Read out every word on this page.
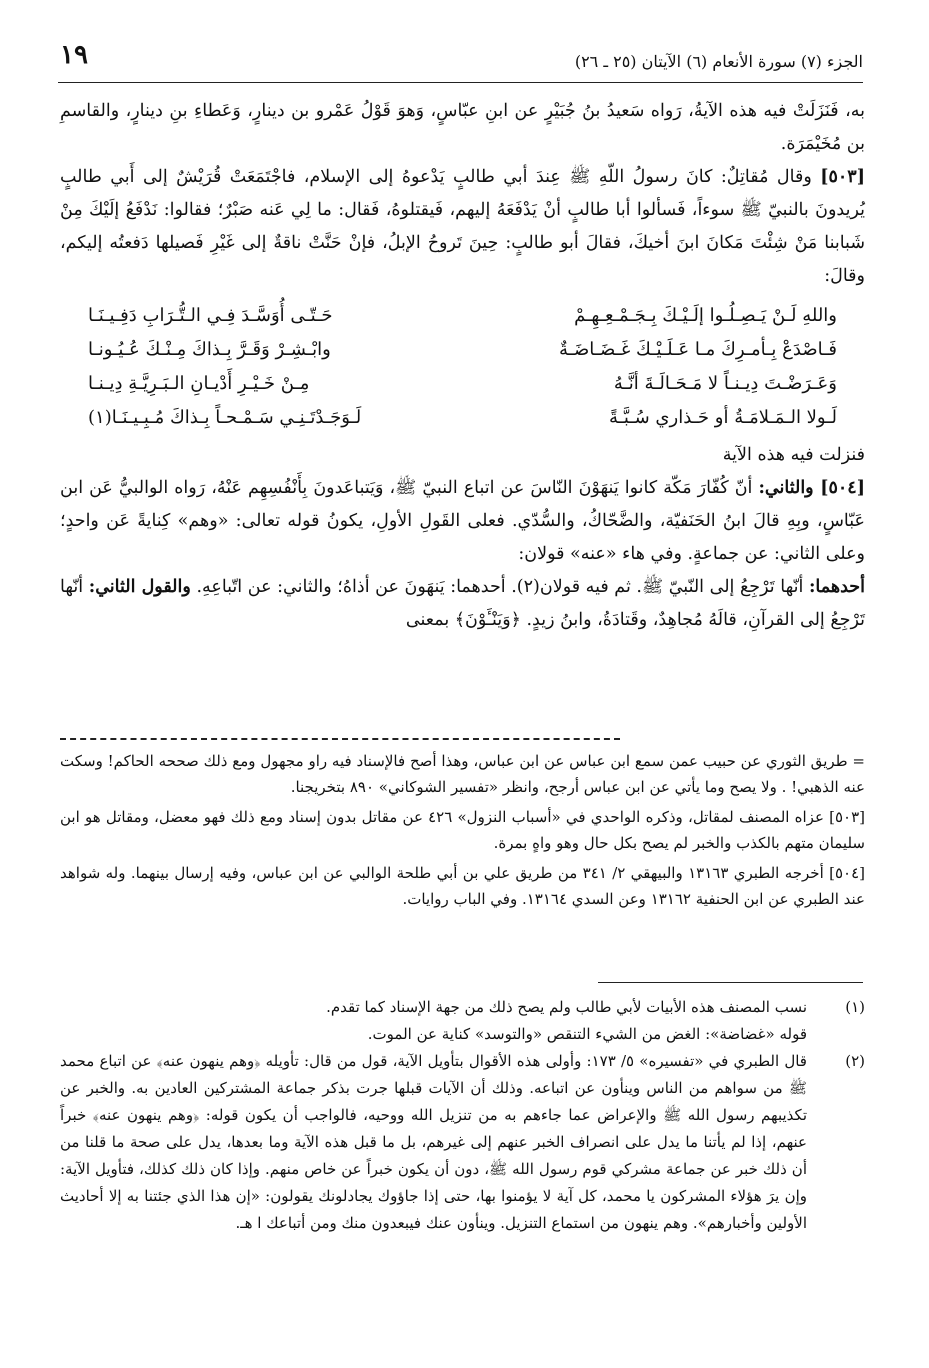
الجزء (٧) سورة الأنعام (٦) الآيتان (٢٥ ـ ٢٦)
١٩

به، فَنَزَلَتْ فيه هذه الآيةُ، رَواه سَعيدُ بنُ جُبَيْرٍ عن ابنِ عبّاسٍ، وَهوَ قَوْلُ عَمْرو بن دينارٍ، وَعَطاءِ بنِ دينارٍ، والقاسمِ بن مُخَيْمَرَة.

[٥٠٣] وقال مُقاتِلٌ: كانَ رسولُ اللّهِ ﷺ عِندَ أبي طالبٍ يَدْعوهُ إلى الإسلام، فاجْتَمَعَتْ قُرَيْشٌ إلى أَبي طالبٍ يُريدونَ بالنبيّ ﷺ سوءاً، فَسألوا أبا طالبٍ أنْ يَدْفَعَهُ إليهم، فَيقتلوهُ، فَقال: ما لِي عَنه صَبْرٌ؛ فقالوا: نَدْفَعُ إلَيْكَ مِنْ شَبابنا مَنْ شِئْتَ مَكانَ ابنَ أخيكَ، فقالَ أبو طالبٍ: حِينَ تَروحُ الإبلُ، فإنْ حَنَّتْ ناقةٌ إلى غَيْرِ فَصيلها دَفعتُه إليكم، وقالَ:

واللهِ لَـنْ يَـصِـلُـوا إلَـيْـكَ بِـجَـمْـعِـهِـمْ
حَـتّـى أُوَسَّـدَ فِـي الـتُّـرَابِ دَفِـيـنَـا
فَـاصْدَعْ بِـأمـرِكَ مـا عَـلَـيْـكَ غَـضَـاضَـةٌ
وابْـشِـرْ وَقَـرَّ بِـذاكَ مِـنْـكَ عُـيُـونـا
وَعَـرَضْـتَ دِيـنـاً لا مَـحَـالَـةَ أنَّـهُ
مِـنْ خَـيْـرِ أَدْيـانِ الـبَـرِيَّـةِ دِيـنـا
لَـولا الـمَـلامَـةُ أو حَـذاري سُـبَّـةً
لَـوَجَـدْتَـنِـي سَـمْـحـاً بِـذاكَ مُـبِـيـنَـا(١)

فنزلت فيه هذه الآية

[٥٠٤] والثاني: أنّ كُفّارَ مَكّة كانوا يَنهَوْنَ النّاسَ عن اتباع النبيّ ﷺ، وَيَتباعَدونَ بِأَنْفُسِهِم عَنْهُ، رَواه الوالبيُّ عَن ابن عَبّاسٍ، وبِهِ قالَ ابنُ الحَنَفيّة، والضَّحّاكُ، والسُّدّي. فعلى القَولِ الأولِ، يكونُ قوله تعالى: «وهم» كِنايةً عَن واحدٍ؛ وعلى الثاني: عن جماعةٍ. وفي هاء «عنه» قولان:

أحدهما: أنّها تَرْجِعُ إلى النّبيّ ﷺ. ثم فيه قولان(٢). أحدهما: يَنهَونَ عن أذاهُ؛ والثاني: عن اتّباعِهِ. والقول الثاني: أنّها تَرْجِعُ إلى القرآنِ، قالَهُ مُجاهِدٌ، وقَتادَةُ، وابنُ زيدٍ. ﴿وَيَنْـَٔوْنَ﴾ بمعنى

= طريق الثوري عن حبيب عمن سمع ابن عباس عن ابن عباس، وهذا أصح فالإسناد فيه راو مجهول ومع ذلك صححه الحاكم! وسكت عنه الذهبي! . ولا يصح وما يأتي عن ابن عباس أرجح، وانظر «تفسير الشوكاني» ٨٩٠ بتخريجنا.

[٥٠٣] عزاه المصنف لمقاتل، وذكره الواحدي في «أسباب النزول» ٤٢٦ عن مقاتل بدون إسناد ومع ذلك فهو معضل، ومقاتل هو ابن سليمان متهم بالكذب والخبر لم يصح بكل حال وهو واهٍ بمرة.

[٥٠٤] أخرجه الطبري ١٣١٦٣ والبيهقي ٢/ ٣٤١ من طريق علي بن أبي طلحة الوالبي عن ابن عباس، وفيه إرسال بينهما. وله شواهد عند الطبري عن ابن الحنفية ١٣١٦٢ وعن السدي ١٣١٦٤. وفي الباب روايات.

(١)

نسب المصنف هذه الأبيات لأبي طالب ولم يصح ذلك من جهة الإسناد كما تقدم.

قوله «غضاضة»: الغض من الشيء التنقص «والتوسد» كناية عن الموت.

(٢)

قال الطبري في «تفسيره» ٥/ ١٧٣: وأولى هذه الأقوال بتأويل الآية، قول من قال: تأويله ﴿وهم ينهون عنه﴾ عن اتباع محمد ﷺ من سواهم من الناس وينأون عن اتباعه. وذلك أن الآيات قبلها جرت بذكر جماعة المشتركين العادين به. والخبر عن تكذيبهم رسول الله ﷺ والإعراض عما جاءهم به من تنزيل الله ووحيه، فالواجب أن يكون قوله: ﴿وهم ينهون عنه﴾ خبراً عنهم، إذا لم يأتنا ما يدل على انصراف الخبر عنهم إلى غيرهم، بل ما قبل هذه الآية وما بعدها، يدل على صحة ما قلنا من أن ذلك خبر عن جماعة مشركي قوم رسول الله ﷺ، دون أن يكون خبراً عن خاص منهم. وإذا كان ذلك كذلك، فتأويل الآية: وإن يرَ هؤلاء المشركون يا محمد، كل آية لا يؤمنوا بها، حتى إذا جاؤوك يجادلونك يقولون: «إن هذا الذي جئتنا به إلا أحاديث الأولين وأخبارهم». وهم ينهون من استماع التنزيل. وينأون عنك فيبعدون منك ومن أتباعك ا هـ.
